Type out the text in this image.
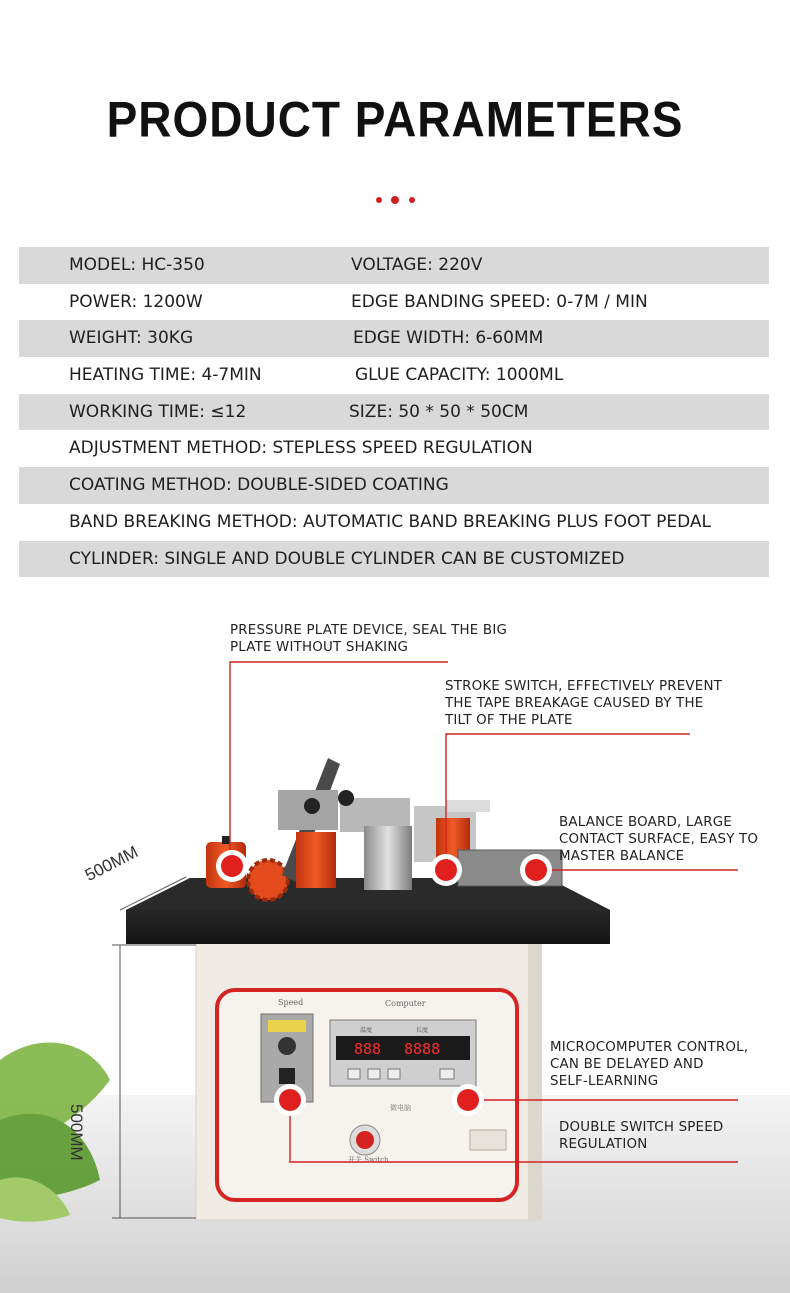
PRODUCT PARAMETERS
MODEL: HC-350	VOLTAGE: 220V
POWER: 1200W	EDGE BANDING SPEED: 0-7M / MIN
WEIGHT: 30KG	EDGE WIDTH: 6-60MM
HEATING TIME: 4-7MIN	GLUE CAPACITY: 1000ML
WORKING TIME: ≤12	SIZE: 50 * 50 * 50CM
ADJUSTMENT METHOD: STEPLESS SPEED REGULATION
COATING METHOD: DOUBLE-SIDED COATING
BAND BREAKING METHOD: AUTOMATIC BAND BREAKING PLUS FOOT PEDAL
CYLINDER: SINGLE AND DOUBLE CYLINDER CAN BE CUSTOMIZED
888 8888
温度	长度
Speed	Computer
微电脑
开关 Switch
500MM
500MM
PRESSURE PLATE DEVICE, SEAL THE BIG
PLATE WITHOUT SHAKING
STROKE SWITCH, EFFECTIVELY PREVENT
THE TAPE BREAKAGE CAUSED BY THE
TILT OF THE PLATE
BALANCE BOARD, LARGE
CONTACT SURFACE, EASY TO
MASTER BALANCE
MICROCOMPUTER CONTROL,
CAN BE DELAYED AND
SELF-LEARNING
DOUBLE SWITCH SPEED
REGULATION
